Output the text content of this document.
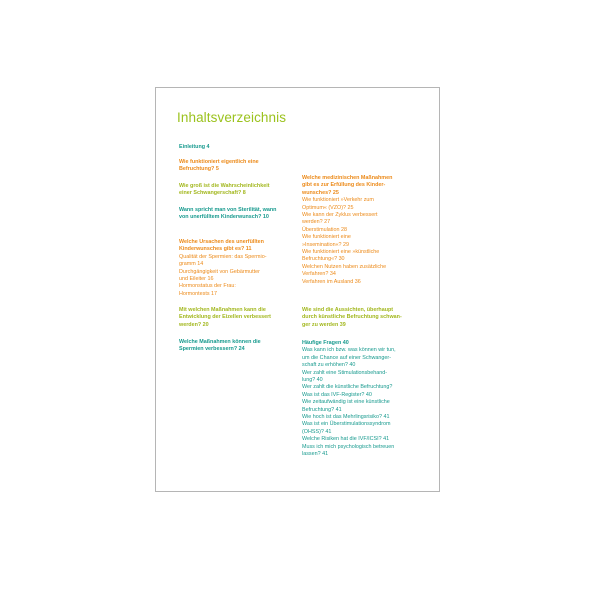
Inhaltsverzeichnis
Einleitung 4
Wie funktioniert eigentlich eine
Befruchtung? 5
Wie groß ist die Wahrscheinlichkeit
einer Schwangerschaft? 8
Wann spricht man von Sterilität, wann
von unerfülltem Kinderwunsch? 10
Welche Ursachen des unerfüllten
Kinderwunsches gibt es? 11
Qualität der Spermien: das Spermio-
gramm 14
Durchgängigkeit von Gebärmutter
und Eileiter 16
Hormonstatus der Frau:
Hormontests 17
Mit welchen Maßnahmen kann die
Entwicklung der Eizellen verbessert
werden? 20
Welche Maßnahmen können die
Spermien verbessern? 24
Welche medizinischen Maßnahmen
gibt es zur Erfüllung des Kinder-
wunsches? 25
Wie funktioniert »Verkehr zum
Optimum« (VZO)? 25
Wie kann der Zyklus verbessert
werden? 27
Überstimulation 28
Wie funktioniert eine
»Insemination«? 29
Wie funktioniert eine »künstliche
Befruchtung«? 30
Welchen Nutzen haben zusätzliche
Verfahren? 34
Verfahren im Ausland 36
Wie sind die Aussichten, überhaupt
durch künstliche Befruchtung schwan-
ger zu werden 39
Häufige Fragen 40
Was kann ich bzw. was können wir tun,
um die Chance auf einer Schwanger-
schaft zu erhöhen? 40
Wer zahlt eine Stimulationsbehand-
lung? 40
Wer zahlt die künstliche Befruchtung?
Was ist das IVF-Register? 40
Wie zeitaufwändig ist eine künstliche
Befruchtung? 41
Wie hoch ist das Mehrlingsrisiko? 41
Was ist ein Überstimulationssyndrom
(OHSS)? 41
Welche Risiken hat die IVF/ICSI? 41
Muss ich mich psychologisch betreuen
lassen? 41
